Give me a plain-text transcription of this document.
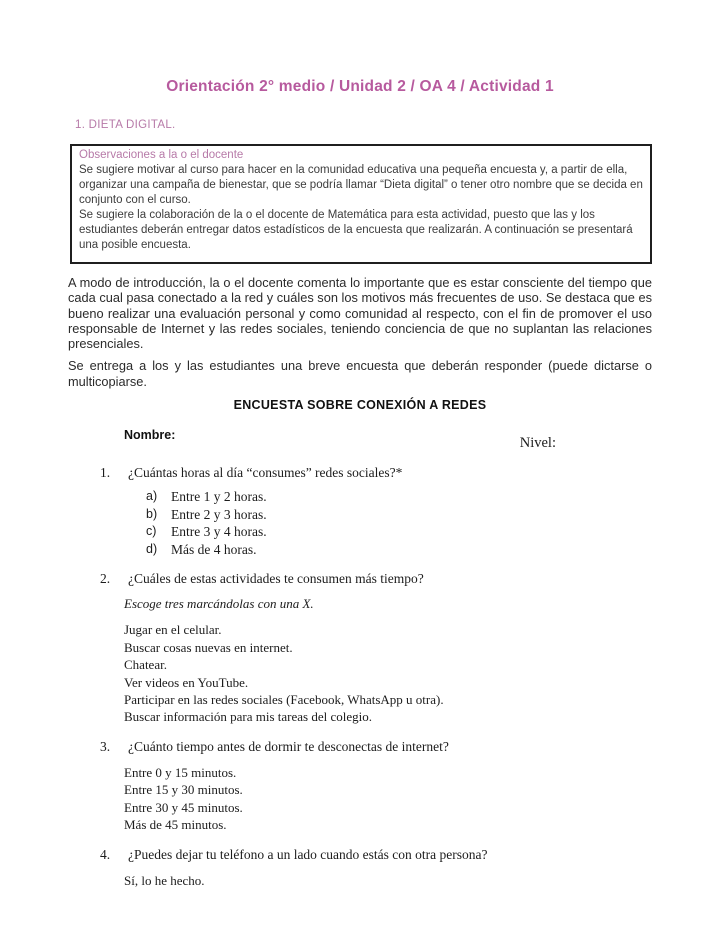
Orientación 2° medio / Unidad 2 / OA 4 / Actividad 1
1. DIETA DIGITAL.
Observaciones a la o el docente

Se sugiere motivar al curso para hacer en la comunidad educativa una pequeña encuesta y, a partir de ella, organizar una campaña de bienestar, que se podría llamar “Dieta digital” o tener otro nombre que se decida en conjunto con el curso.

Se sugiere la colaboración de la o el docente de Matemática para esta actividad, puesto que las y los estudiantes deberán entregar datos estadísticos de la encuesta que realizarán. A continuación se presentará una posible encuesta.

A modo de introducción, la o el docente comenta lo importante que es estar consciente del tiempo que cada cual pasa conectado a la red y cuáles son los motivos más frecuentes de uso. Se destaca que es bueno realizar una evaluación personal y como comunidad al respecto, con el fin de promover el uso responsable de Internet y las redes sociales, teniendo conciencia de que no suplantan las relaciones presenciales.

Se entrega a los y las estudiantes una breve encuesta que deberán responder (puede dictarse o multicopiarse.

ENCUESTA SOBRE CONEXIÓN A REDES
Nombre:	Nivel:
1.	¿Cuántas horas al día “consumes” redes sociales?*
a)	Entre 1 y 2 horas.
b)	Entre 2 y 3 horas.
c)	Entre 3 y 4 horas.
d)	Más de 4 horas.
2.	¿Cuáles de estas actividades te consumen más tiempo?

Escoge tres marcándolas con una X.

Jugar en el celular.
Buscar cosas nuevas en internet.
Chatear.
Ver videos en YouTube.
Participar en las redes sociales (Facebook, WhatsApp u otra).
Buscar información para mis tareas del colegio.
3.	¿Cuánto tiempo antes de dormir te desconectas de internet?
Entre 0 y 15 minutos.
Entre 15 y 30 minutos.
Entre 30 y 45 minutos.
Más de 45 minutos.
4.	¿Puedes dejar tu teléfono a un lado cuando estás con otra persona?
Sí, lo he hecho.
